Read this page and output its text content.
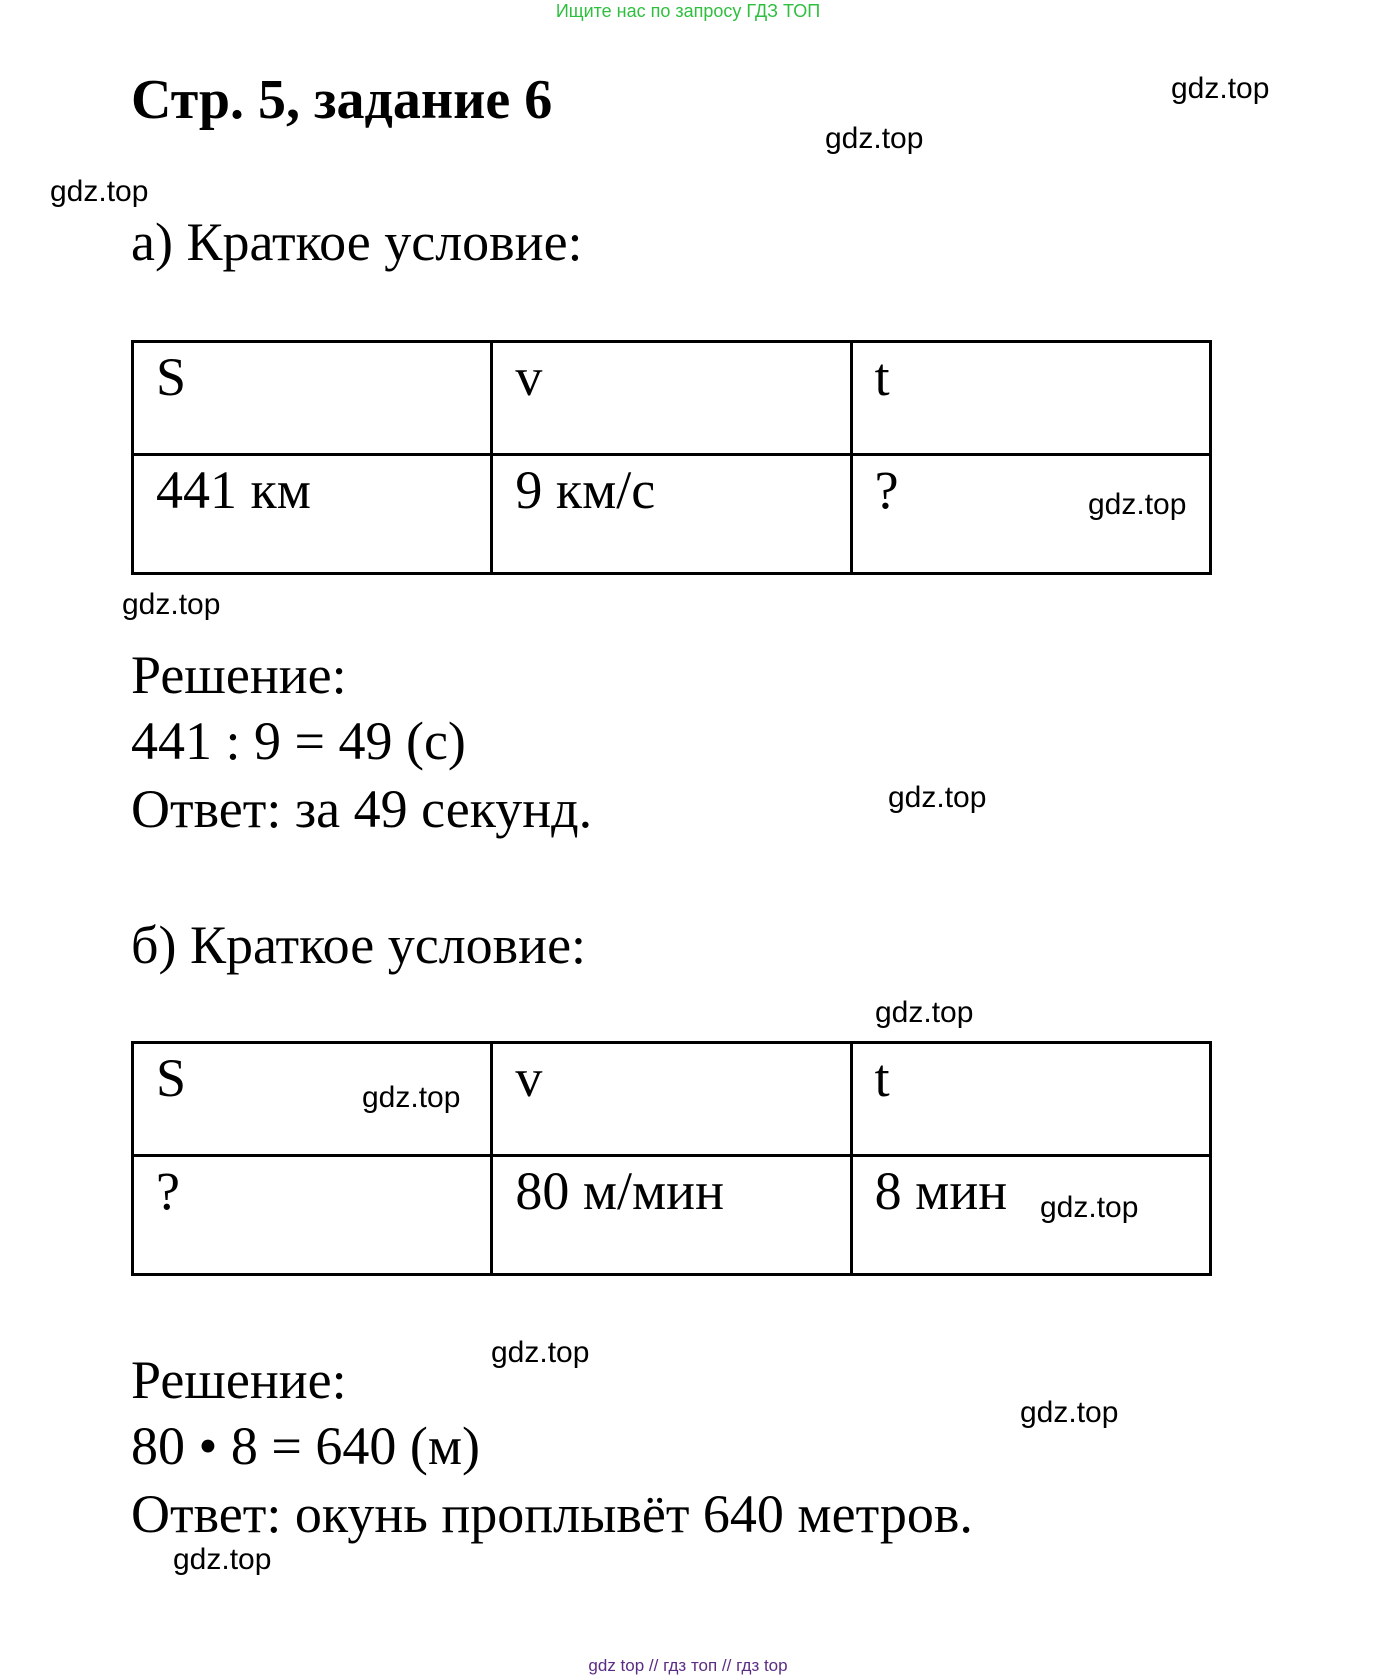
Ищите нас по запросу ГДЗ ТОП
Стр. 5, задание 6	gdz.top
gdz.top
gdz.top
а) Краткое условие:
S	v	t
441 км	9 км/с	?	gdz.top
gdz.top
Решение:
441 : 9 = 49 (с)
gdz.top
Ответ: за 49 секунд.
б) Краткое условие:
gdz.top
S	v	t
?	80 м/мин	8 мин
gdz.top
gdz.top
gdz.top
Решение:
gdz.top
80 • 8 = 640 (м)
Ответ: окунь проплывёт 640 метров.
gdz.top
gdz top // гдз топ // гдз top
